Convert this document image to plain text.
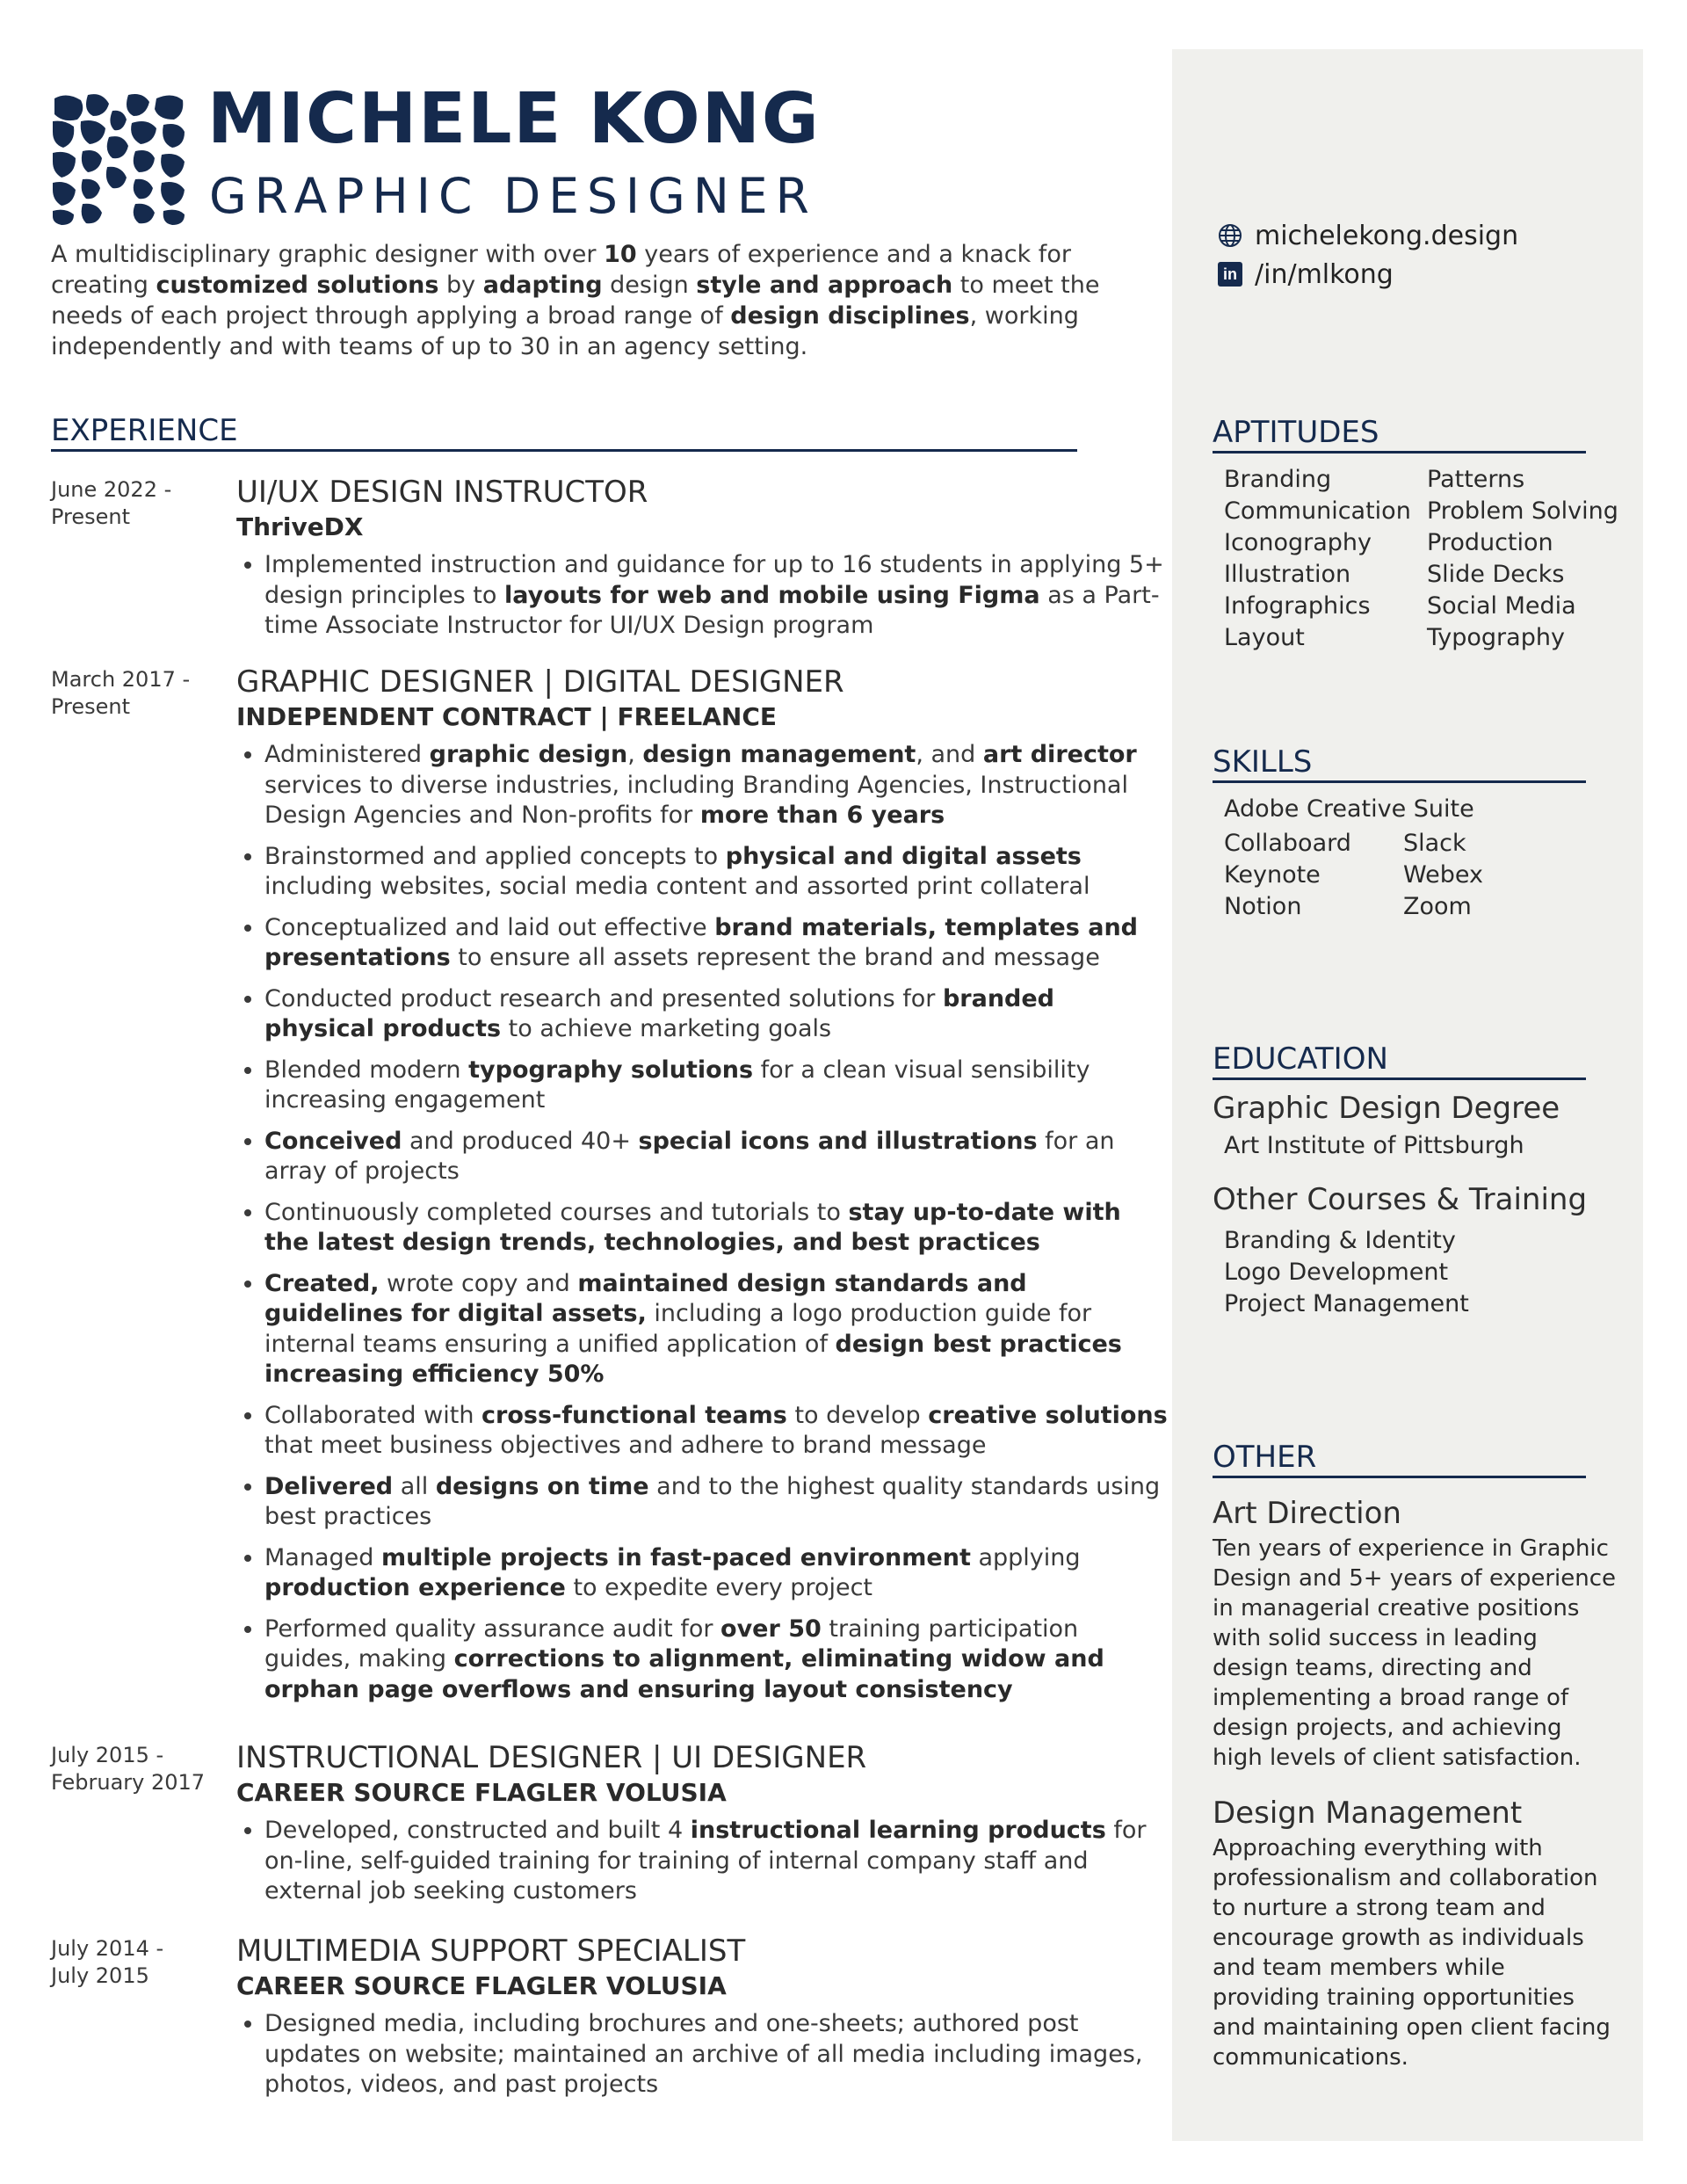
MICHELE KONG
GRAPHIC DESIGNER
A multidisciplinary graphic designer with over 10 years of experience and a knack for creating customized solutions by adapting design style and approach to meet the needs of each project through applying a broad range of design disciplines, working independently and with teams of up to 30 in an agency setting.
michelekong.design
in /in/mlkong
EXPERIENCE
June 2022 -
Present
UI/UX DESIGN INSTRUCTOR
ThriveDX
• Implemented instruction and guidance for up to 16 students in applying 5+ design principles to layouts for web and mobile using Figma as a Part-time Associate Instructor for UI/UX Design program
March 2017 -
Present
GRAPHIC DESIGNER | DIGITAL DESIGNER
INDEPENDENT CONTRACT | FREELANCE
• Administered graphic design, design management, and art director services to diverse industries, including Branding Agencies, Instructional Design Agencies and Non-profits for more than 6 years
• Brainstormed and applied concepts to physical and digital assets including websites, social media content and assorted print collateral
• Conceptualized and laid out effective brand materials, templates and presentations to ensure all assets represent the brand and message
• Conducted product research and presented solutions for branded physical products to achieve marketing goals
• Blended modern typography solutions for a clean visual sensibility increasing engagement
• Conceived and produced 40+ special icons and illustrations for an array of projects
• Continuously completed courses and tutorials to stay up-to-date with the latest design trends, technologies, and best practices
• Created, wrote copy and maintained design standards and guidelines for digital assets, including a logo production guide for internal teams ensuring a unified application of design best practices increasing efficiency 50%
• Collaborated with cross-functional teams to develop creative solutions that meet business objectives and adhere to brand message
• Delivered all designs on time and to the highest quality standards using best practices
• Managed multiple projects in fast-paced environment applying production experience to expedite every project
• Performed quality assurance audit for over 50 training participation guides, making corrections to alignment, eliminating widow and orphan page overflows and ensuring layout consistency
July 2015 -
February 2017
INSTRUCTIONAL DESIGNER | UI DESIGNER
CAREER SOURCE FLAGLER VOLUSIA
• Developed, constructed and built 4 instructional learning products for on-line, self-guided training for training of internal company staff and external job seeking customers
July 2014 -
July 2015
MULTIMEDIA SUPPORT SPECIALIST
CAREER SOURCE FLAGLER VOLUSIA
• Designed media, including brochures and one-sheets; authored post updates on website; maintained an archive of all media including images, photos, videos, and past projects
APTITUDES
Branding
Communication
Iconography
Illustration
Infographics
Layout
Patterns
Problem Solving
Production
Slide Decks
Social Media
Typography
SKILLS
Adobe Creative Suite
Collaboard
Keynote
Notion
Slack
Webex
Zoom
EDUCATION
Graphic Design Degree
Art Institute of Pittsburgh
Other Courses & Training
Branding & Identity
Logo Development
Project Management
OTHER
Art Direction
Ten years of experience in Graphic Design and 5+ years of experience in managerial creative positions with solid success in leading design teams, directing and implementing a broad range of design projects, and achieving high levels of client satisfaction.
Design Management
Approaching everything with professionalism and collaboration to nurture a strong team and encourage growth as individuals and team members while providing training opportunities and maintaining open client facing communications.
